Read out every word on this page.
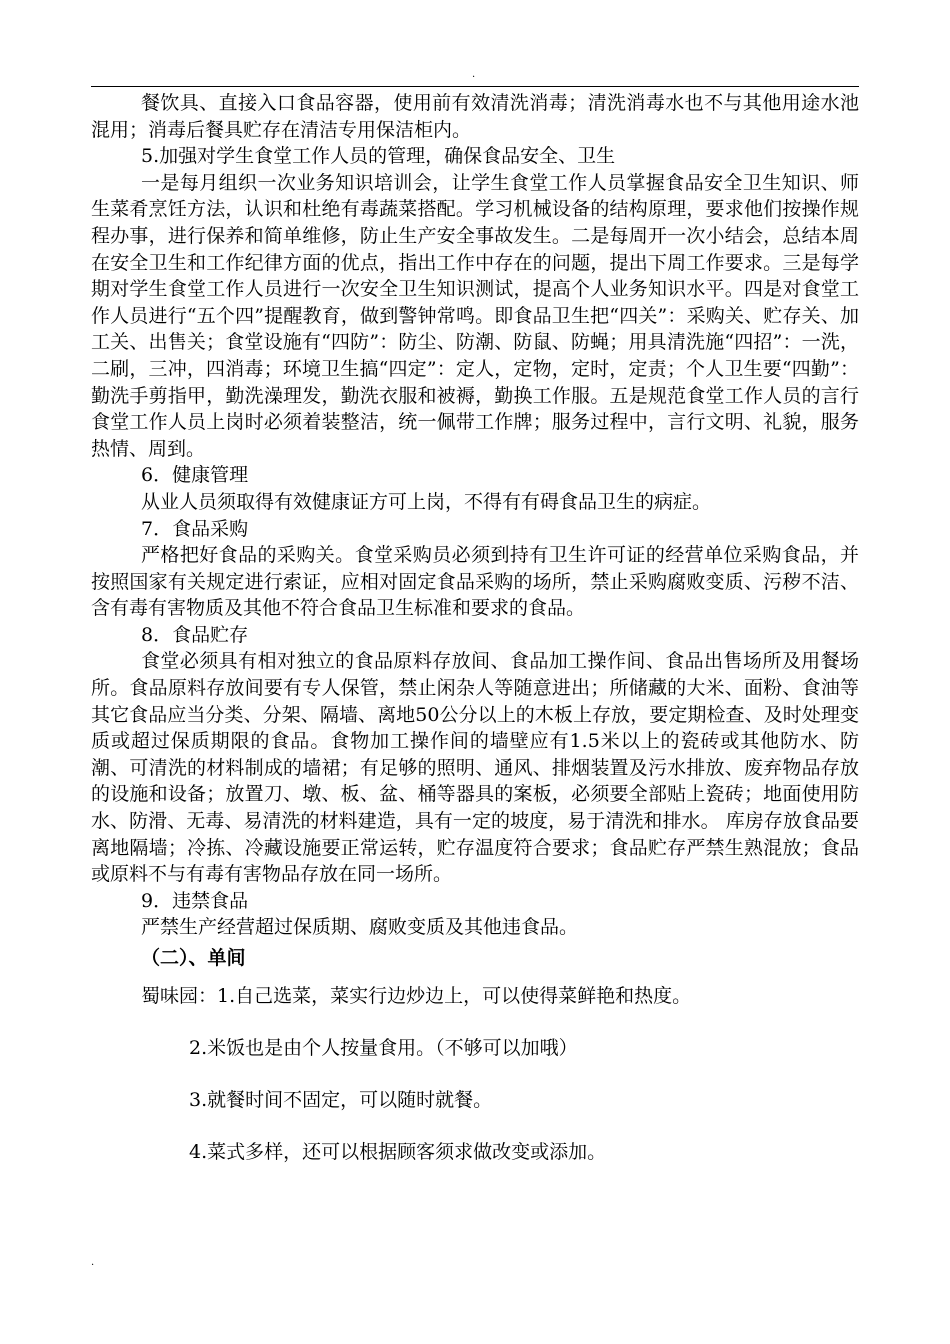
.

餐饮具、直接入口食品容器，使用前有效清洗消毒；清洗消毒水也不与其他用途水池混用；消毒后餐具贮存在清洁专用保洁柜内。

5.加强对学生食堂工作人员的管理，确保食品安全、卫生

一是每月组织一次业务知识培训会，让学生食堂工作人员掌握食品安全卫生知识、师生菜肴烹饪方法，认识和杜绝有毒蔬菜搭配。学习机械设备的结构原理，要求他们按操作规程办事，进行保养和简单维修，防止生产安全事故发生。二是每周开一次小结会，总结本周在安全卫生和工作纪律方面的优点，指出工作中存在的问题，提出下周工作要求。三是每学期对学生食堂工作人员进行一次安全卫生知识测试，提高个人业务知识水平。四是对食堂工作人员进行“五个四”提醒教育，做到警钟常鸣。即食品卫生把“四关”：采购关、贮存关、加工关、出售关；食堂设施有“四防”：防尘、防潮、防鼠、防蝇；用具清洗施“四招”：一洗，二刷，三冲，四消毒；环境卫生搞“四定”：定人，定物，定时，定责；个人卫生要“四勤”：勤洗手剪指甲，勤洗澡理发，勤洗衣服和被褥，勤换工作服。五是规范食堂工作人员的言行食堂工作人员上岗时必须着装整洁，统一佩带工作牌；服务过程中，言行文明、礼貌，服务热情、周到。

6．健康管理

从业人员须取得有效健康证方可上岗，不得有有碍食品卫生的病症。

7．食品采购

严格把好食品的采购关。食堂采购员必须到持有卫生许可证的经营单位采购食品，并按照国家有关规定进行索证，应相对固定食品采购的场所，禁止采购腐败变质、污秽不洁、含有毒有害物质及其他不符合食品卫生标准和要求的食品。

8．食品贮存

食堂必须具有相对独立的食品原料存放间、食品加工操作间、食品出售场所及用餐场所。食品原料存放间要有专人保管，禁止闲杂人等随意进出；所储藏的大米、面粉、食油等其它食品应当分类、分架、隔墙、离地50公分以上的木板上存放，要定期检查、及时处理变质或超过保质期限的食品。食物加工操作间的墙壁应有1.5米以上的瓷砖或其他防水、防潮、可清洗的材料制成的墙裙；有足够的照明、通风、排烟装置及污水排放、废弃物品存放的设施和设备；放置刀、墩、板、盆、桶等器具的案板，必须要全部贴上瓷砖；地面使用防水、防滑、无毒、易清洗的材料建造，具有一定的坡度，易于清洗和排水。 库房存放食品要离地隔墙；冷拣、冷藏设施要正常运转，贮存温度符合要求；食品贮存严禁生熟混放；食品或原料不与有毒有害物品存放在同一场所。

9．违禁食品

严禁生产经营超过保质期、腐败变质及其他违食品。

（二）、单间
蜀味园：1.自己选菜，菜实行边炒边上，可以使得菜鲜艳和热度。
2.米饭也是由个人按量食用。（不够可以加哦）
3.就餐时间不固定，可以随时就餐。
4.菜式多样，还可以根据顾客须求做改变或添加。
.
